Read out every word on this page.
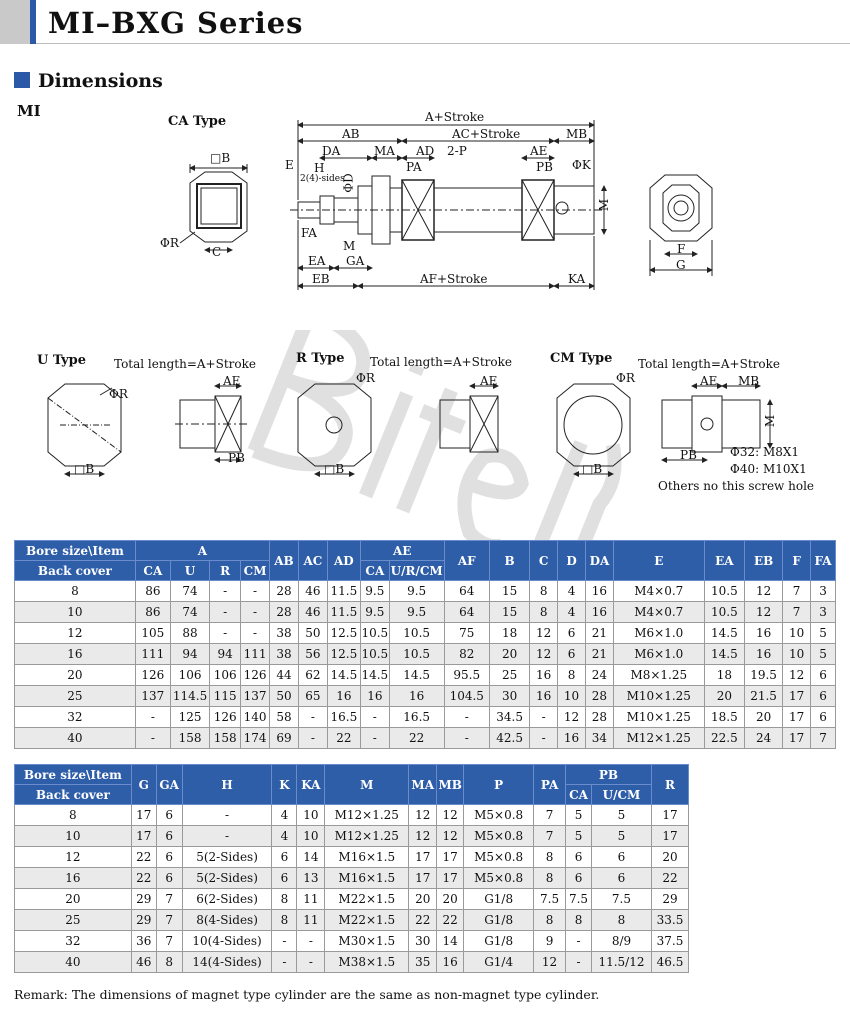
MI–BXG Series
Dimensions
MI
CA Type
□B
C
ΦR
A+Stroke
AB	AC+Stroke	MB
DA	MA AD 2-P	AE
E H
2(4)-sides
ΦD
PA	PB ΦK
M
FA
M
GA
EA
EB	AF+Stroke	KA
F
G
U Type Total length=A+Stroke
ΦR
AE
PB
□B
R Type Total length=A+Stroke
ΦR	AE
□B
CM Type Total length=A+Stroke
ΦR	AE MB
M
PB
□B
Φ32: M8X1
Φ40: M10X1
Others no this screw hole
Bore size\Item	A				AB	AC	AD	AE		AF	B	C	D	DA	E	EA	EB	F	FA
Back cover	CA	U	R	CM				CA	U/R/CM										
8	86	74	-	-	28	46	11.5	9.5	9.5	64	15	8	4	16	M4×0.7	10.5	12	7	3
10	86	74	-	-	28	46	11.5	9.5	9.5	64	15	8	4	16	M4×0.7	10.5	12	7	3
12	105	88	-	-	38	50	12.5	10.5	10.5	75	18	12	6	21	M6×1.0	14.5	16	10	5
16	111	94	94	111	38	56	12.5	10.5	10.5	82	20	12	6	21	M6×1.0	14.5	16	10	5
20	126	106	106	126	44	62	14.5	14.5	14.5	95.5	25	16	8	24	M8×1.25	18	19.5	12	6
25	137	114.5	115	137	50	65	16	16	16	104.5	30	16	10	28	M10×1.25	20	21.5	17	6
32	-	125	126	140	58	-	16.5	-	16.5	-	34.5	-	12	28	M10×1.25	18.5	20	17	6
40	-	158	158	174	69	-	22	-	22	-	42.5	-	16	34	M12×1.25	22.5	24	17	7
Bore size\Item	G	GA	H	K	KA	M	MA	MB	P	PA	PB		R
Back cover											CA	U/CM	
8	17	6	-	4	10	M12×1.25	12	12	M5×0.8	7	5	5	17
10	17	6	-	4	10	M12×1.25	12	12	M5×0.8	7	5	5	17
12	22	6	5(2-Sides)	6	14	M16×1.5	17	17	M5×0.8	8	6	6	20
16	22	6	5(2-Sides)	6	13	M16×1.5	17	17	M5×0.8	8	6	6	22
20	29	7	6(2-Sides)	8	11	M22×1.5	20	20	G1/8	7.5	7.5	7.5	29
25	29	7	8(4-Sides)	8	11	M22×1.5	22	22	G1/8	8	8	8	33.5
32	36	7	10(4-Sides)	-	-	M30×1.5	30	14	G1/8	9	-	8/9	37.5
40	46	8	14(4-Sides)	-	-	M38×1.5	35	16	G1/4	12	-	11.5/12	46.5
Remark: The dimensions of magnet type cylinder are the same as non-magnet type cylinder.
